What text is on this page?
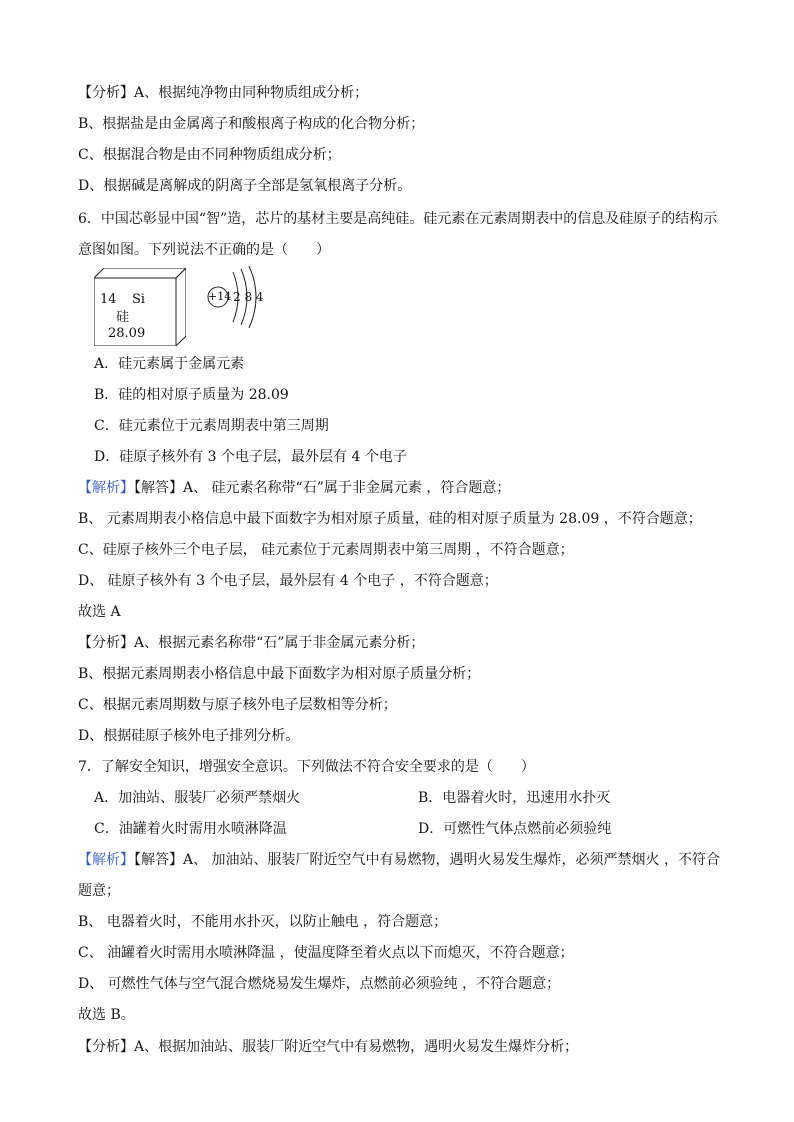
【分析】A、根据纯净物由同种物质组成分析；
B、根据盐是由金属离子和酸根离子构成的化合物分析；
C、根据混合物是由不同种物质组成分析；
D、根据碱是离解成的阴离子全部是氢氧根离子分析。
6．中国芯彰显中国“智”造，芯片的基材主要是高纯硅。硅元素在元素周期表中的信息及硅原子的结构示
意图如图。下列说法不正确的是（　　）
14 Si
硅
28.09
+14 2 8 4
A．硅元素属于金属元素
B．硅的相对原子质量为 28.09
C．硅元素位于元素周期表中第三周期
D．硅原子核外有 3 个电子层，最外层有 4 个电子
【解析】【解答】A、 硅元素名称带“石”属于非金属元素 ，符合题意；
B、 元素周期表小格信息中最下面数字为相对原子质量，硅的相对原子质量为 28.09 ，不符合题意；
C、硅原子核外三个电子层， 硅元素位于元素周期表中第三周期 ，不符合题意；
D、 硅原子核外有 3 个电子层，最外层有 4 个电子 ，不符合题意；
故选 A
【分析】A、根据元素名称带“石”属于非金属元素分析；
B、根据元素周期表小格信息中最下面数字为相对原子质量分析；
C、根据元素周期数与原子核外电子层数相等分析；
D、根据硅原子核外电子排列分析。
7．了解安全知识，增强安全意识。下列做法不符合安全要求的是（　　）
A．加油站、服装厂必须严禁烟火	B．电器着火时，迅速用水扑灭
C．油罐着火时需用水喷淋降温	D．可燃性气体点燃前必须验纯
【解析】【解答】A、 加油站、服装厂附近空气中有易燃物，遇明火易发生爆炸，必须严禁烟火 ，不符合
题意；
B、 电器着火时，不能用水扑灭，以防止触电 ，符合题意；
C、 油罐着火时需用水喷淋降温 ，使温度降至着火点以下而熄灭，不符合题意；
D、 可燃性气体与空气混合燃烧易发生爆炸，点燃前必须验纯 ，不符合题意；
故选 B。
【分析】A、根据加油站、服装厂附近空气中有易燃物，遇明火易发生爆炸分析；
